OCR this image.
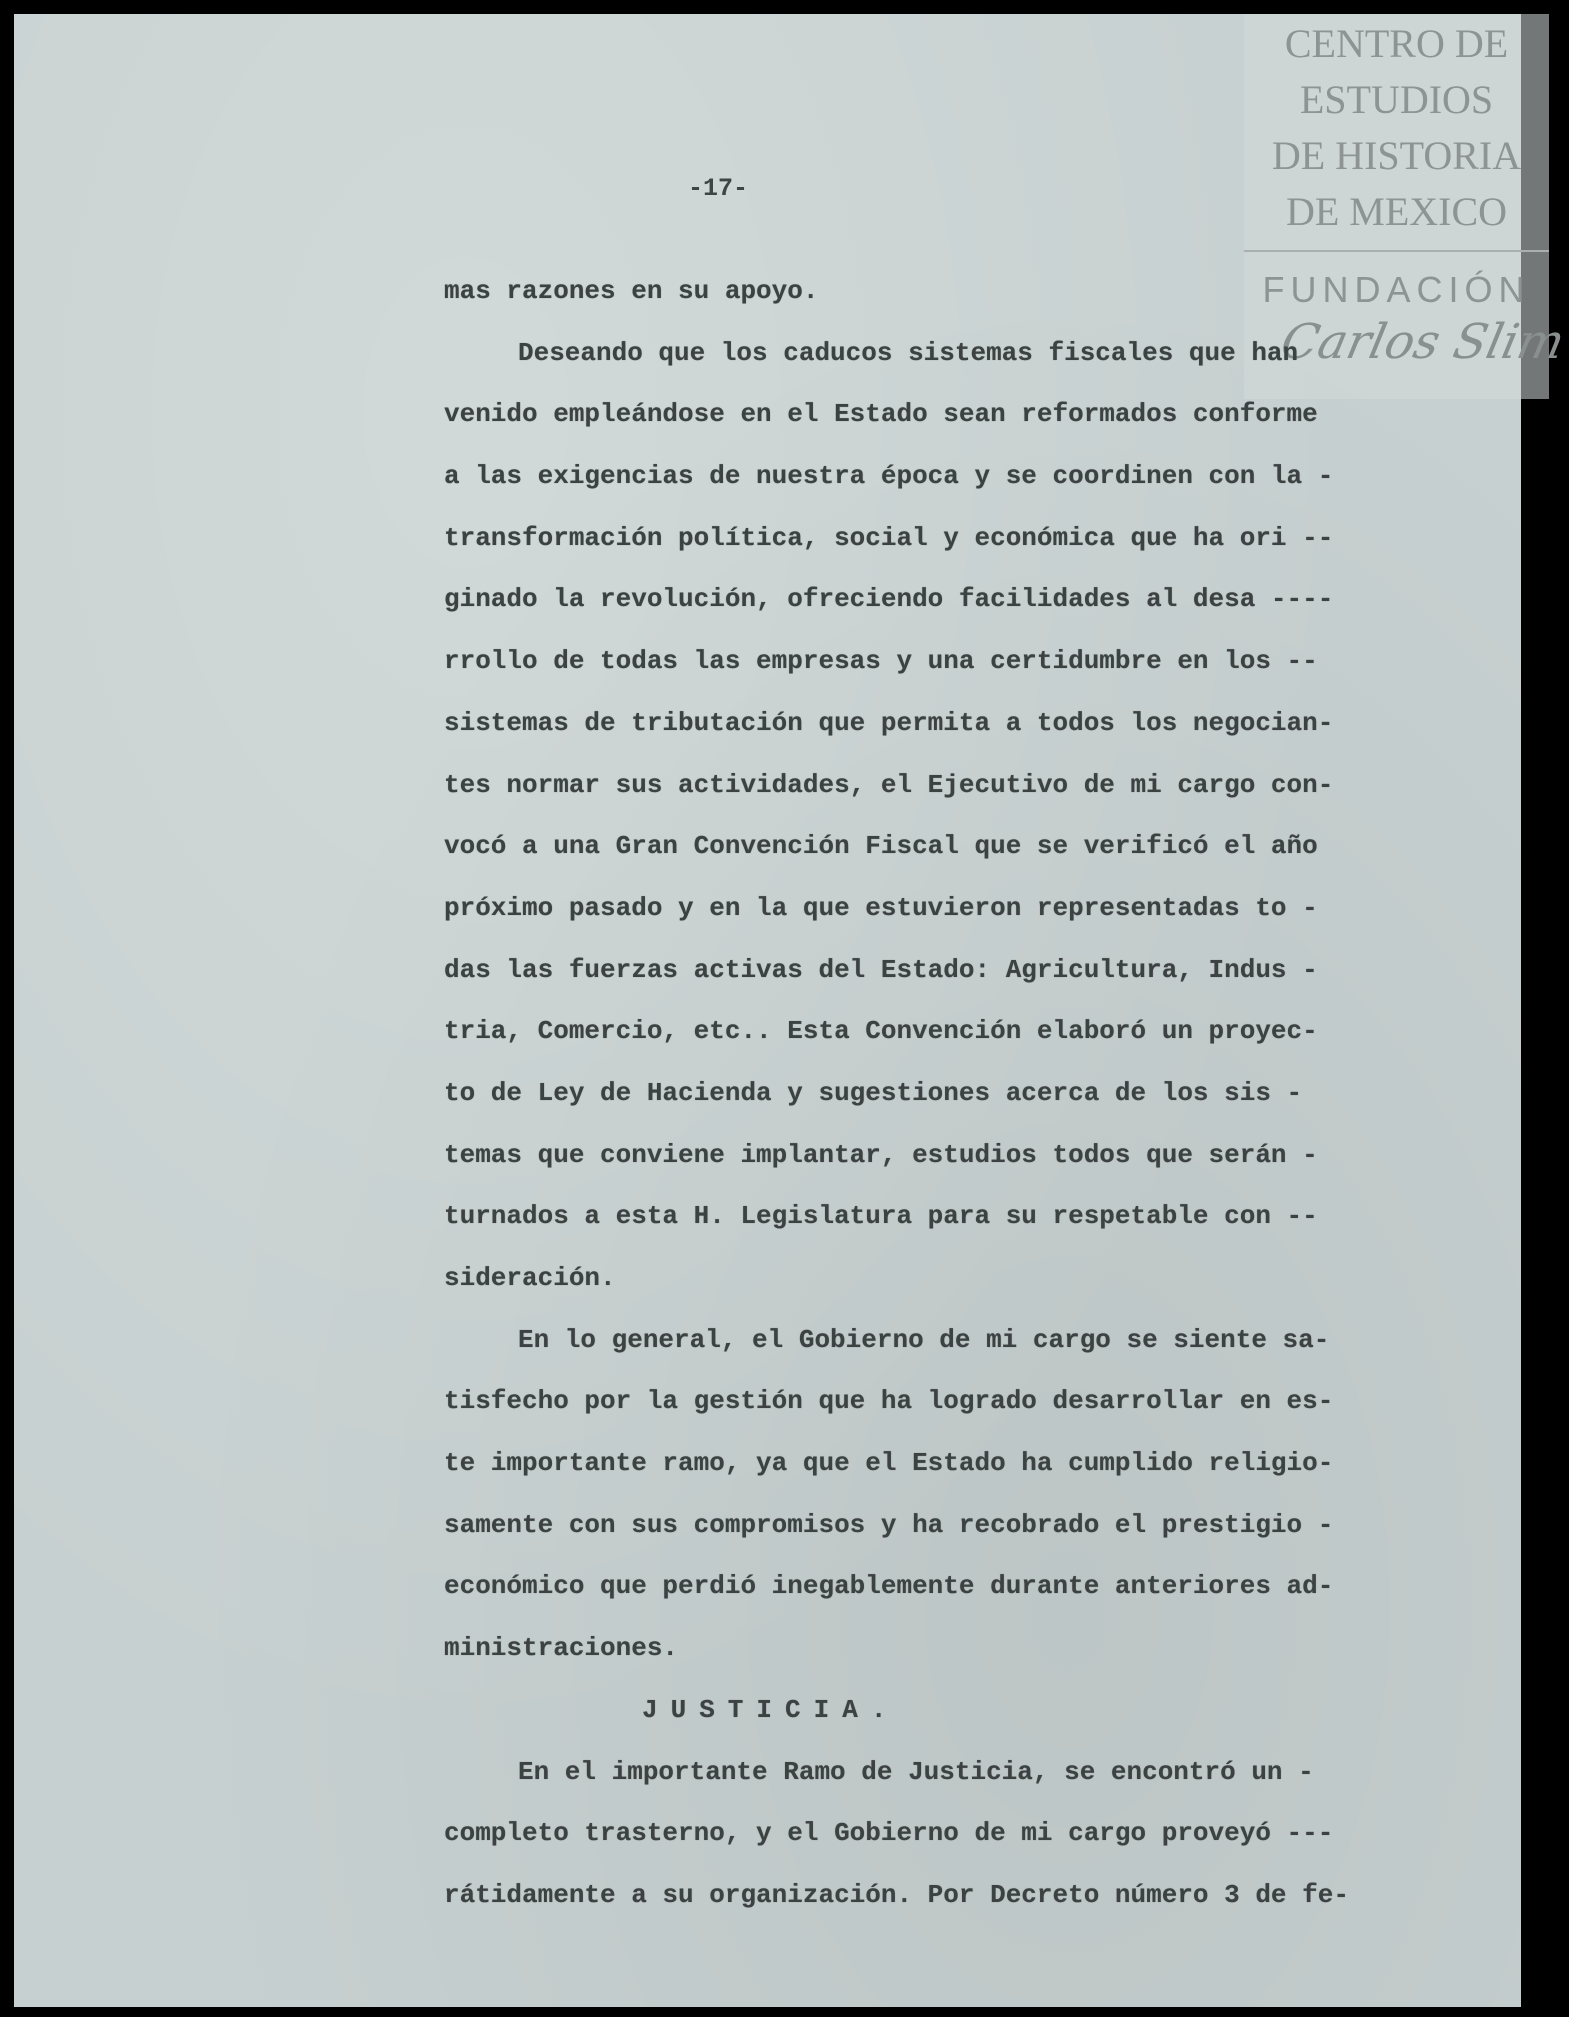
CENTRO DE
ESTUDIOS
DE HISTORIA
DE MEXICO
FUNDACIÓN
Carlos Slim
-17-
mas razones en su apoyo.
Deseando que los caducos sistemas fiscales que han
venido empleándose en el Estado sean reformados conforme
a las exigencias de nuestra época y se coordinen con la ‑
transformación política, social y económica que ha ori --
ginado la revolución, ofreciendo facilidades al desa ----
rrollo de todas las empresas y una certidumbre en los --
sistemas de tributación que permita a todos los negocian-
tes normar sus actividades, el Ejecutivo de mi cargo con-
vocó a una Gran Convención Fiscal que se verificó el año
próximo pasado y en la que estuvieron representadas to -
das las fuerzas activas del Estado: Agricultura, Indus -
tria, Comercio, etc.. Esta Convención elaboró un proyec-
to de Ley de Hacienda y sugestiones acerca de los sis -
temas que conviene implantar, estudios todos que serán -
turnados a esta H. Legislatura para su respetable con --
sideración.
En lo general, el Gobierno de mi cargo se siente sa-
tisfecho por la gestión que ha logrado desarrollar en es-
te importante ramo, ya que el Estado ha cumplido religio-
samente con sus compromisos y ha recobrado el prestigio -
económico que perdió inegablemente durante anteriores ad-
ministraciones.
JUSTICIA.
En el importante Ramo de Justicia, se encontró un -
completo trasterno, y el Gobierno de mi cargo proveyó ---
rátidamente a su organización. Por Decreto número 3 de fe-
